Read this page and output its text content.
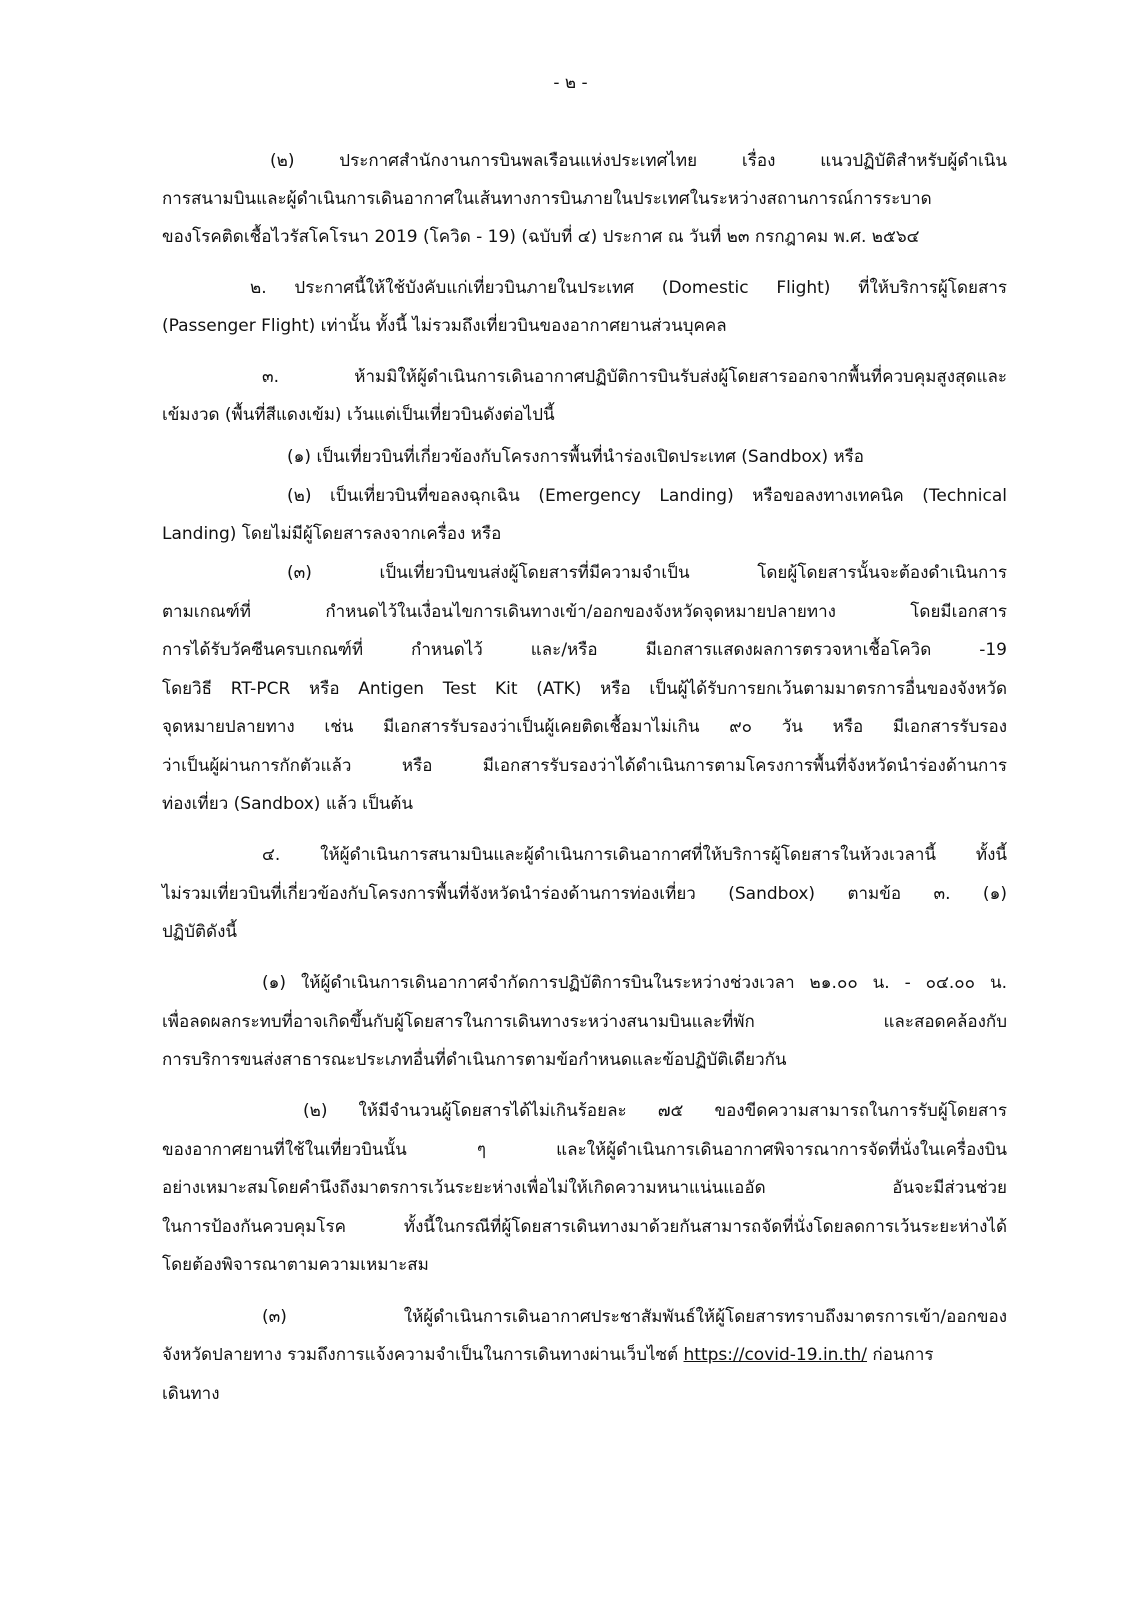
- ๒ -
(๒) ประกาศสำนักงานการบินพลเรือนแห่งประเทศไทย เรื่อง แนวปฏิบัติสำหรับผู้ดำเนิน
การสนามบินและผู้ดำเนินการเดินอากาศในเส้นทางการบินภายในประเทศในระหว่างสถานการณ์การระบาด
ของโรคติดเชื้อไวรัสโคโรนา 2019 (โควิด - 19) (ฉบับที่ ๔) ประกาศ ณ วันที่ ๒๓ กรกฎาคม พ.ศ. ๒๕๖๔
๒. ประกาศนี้ให้ใช้บังคับแก่เที่ยวบินภายในประเทศ (Domestic Flight) ที่ให้บริการผู้โดยสาร
(Passenger Flight) เท่านั้น ทั้งนี้ ไม่รวมถึงเที่ยวบินของอากาศยานส่วนบุคคล
๓. ห้ามมิให้ผู้ดำเนินการเดินอากาศปฏิบัติการบินรับส่งผู้โดยสารออกจากพื้นที่ควบคุมสูงสุดและ
เข้มงวด (พื้นที่สีแดงเข้ม) เว้นแต่เป็นเที่ยวบินดังต่อไปนี้
(๑) เป็นเที่ยวบินที่เกี่ยวข้องกับโครงการพื้นที่นำร่องเปิดประเทศ (Sandbox) หรือ
(๒) เป็นเที่ยวบินที่ขอลงฉุกเฉิน (Emergency Landing) หรือขอลงทางเทคนิค (Technical
Landing) โดยไม่มีผู้โดยสารลงจากเครื่อง หรือ
(๓) เป็นเที่ยวบินขนส่งผู้โดยสารที่มีความจำเป็น โดยผู้โดยสารนั้นจะต้องดำเนินการ
ตามเกณฑ์ที่ กำหนดไว้ในเงื่อนไขการเดินทางเข้า/ออกของจังหวัดจุดหมายปลายทาง โดยมีเอกสาร
การได้รับวัคซีนครบเกณฑ์ที่ กำหนดไว้ และ/หรือ มีเอกสารแสดงผลการตรวจหาเชื้อโควิด -19
โดยวิธี RT-PCR หรือ Antigen Test Kit (ATK) หรือ เป็นผู้ได้รับการยกเว้นตามมาตรการอื่นของจังหวัด
จุดหมายปลายทาง เช่น มีเอกสารรับรองว่าเป็นผู้เคยติดเชื้อมาไม่เกิน ๙๐ วัน หรือ มีเอกสารรับรอง
ว่าเป็นผู้ผ่านการกักตัวแล้ว หรือ มีเอกสารรับรองว่าได้ดำเนินการตามโครงการพื้นที่จังหวัดนำร่องด้านการ
ท่องเที่ยว (Sandbox) แล้ว เป็นต้น
๔. ให้ผู้ดำเนินการสนามบินและผู้ดำเนินการเดินอากาศที่ให้บริการผู้โดยสารในห้วงเวลานี้ ทั้งนี้
ไม่รวมเที่ยวบินที่เกี่ยวข้องกับโครงการพื้นที่จังหวัดนำร่องด้านการท่องเที่ยว (Sandbox) ตามข้อ ๓. (๑)
ปฏิบัติดังนี้
(๑) ให้ผู้ดำเนินการเดินอากาศจำกัดการปฏิบัติการบินในระหว่างช่วงเวลา ๒๑.๐๐ น. - ๐๔.๐๐ น.
เพื่อลดผลกระทบที่อาจเกิดขึ้นกับผู้โดยสารในการเดินทางระหว่างสนามบินและที่พัก และสอดคล้องกับ
การบริการขนส่งสาธารณะประเภทอื่นที่ดำเนินการตามข้อกำหนดและข้อปฏิบัติเดียวกัน
(๒) ให้มีจำนวนผู้โดยสารได้ไม่เกินร้อยละ ๗๕ ของขีดความสามารถในการรับผู้โดยสาร
ของอากาศยานที่ใช้ในเที่ยวบินนั้น ๆ และให้ผู้ดำเนินการเดินอากาศพิจารณาการจัดที่นั่งในเครื่องบิน
อย่างเหมาะสมโดยคำนึงถึงมาตรการเว้นระยะห่างเพื่อไม่ให้เกิดความหนาแน่นแออัด อันจะมีส่วนช่วย
ในการป้องกันควบคุมโรค ทั้งนี้ในกรณีที่ผู้โดยสารเดินทางมาด้วยกันสามารถจัดที่นั่งโดยลดการเว้นระยะห่างได้
โดยต้องพิจารณาตามความเหมาะสม
(๓) ให้ผู้ดำเนินการเดินอากาศประชาสัมพันธ์ให้ผู้โดยสารทราบถึงมาตรการเข้า/ออกของ
จังหวัดปลายทาง รวมถึงการแจ้งความจำเป็นในการเดินทางผ่านเว็บไซต์ https://covid-19.in.th/ ก่อนการ
เดินทาง
